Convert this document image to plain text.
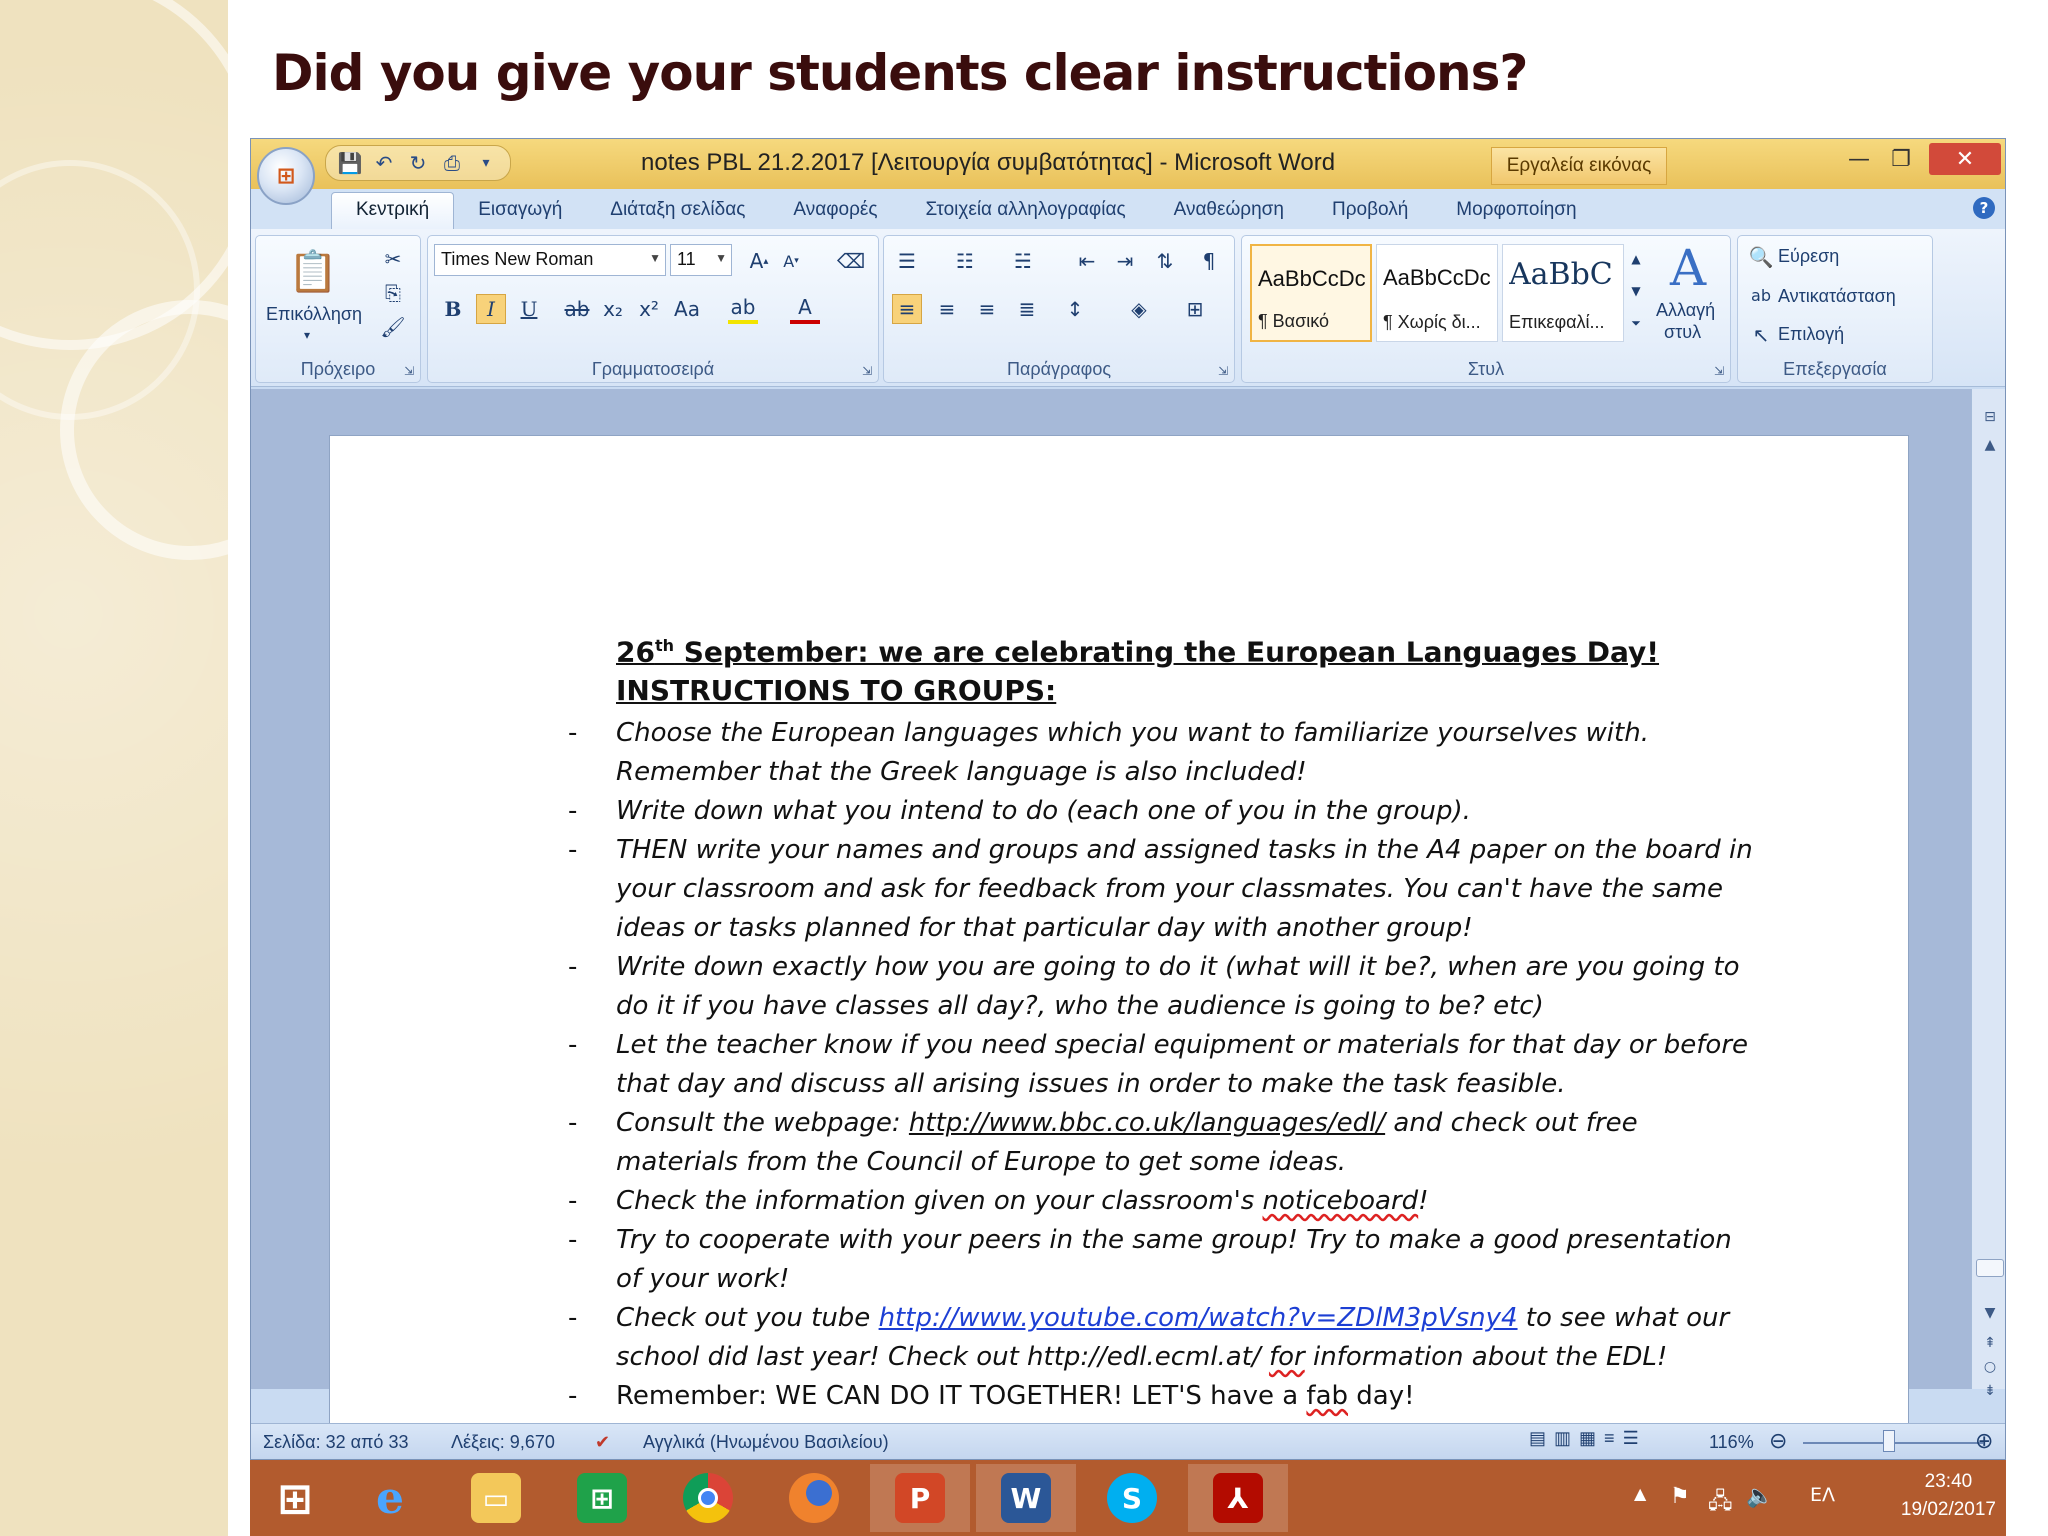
Did you give your students clear instructions?
💾 ↶ ↻ ⎙	▾	notes PBL 21.2.2017 [Λειτουργία συμβατότητας] - Microsoft Word	Εργαλεία εικόνας	— ❐	✕
⊞
Κεντρική	Εισαγωγή	Διάταξη σελίδας	Αναφορές	Στοιχεία αλληλογραφίας	Αναθεώρηση	Προβολή	Μορφοποίηση	?
📋
Επικόλληση
▾
✂
⎘
🖌
Πρόχειρο	⇲
Times New Roman	▼ 11 ▼ A ▴ A ▾ ⌫
B	I	U	ab x₂ x² Aa ab	A
Γραμματοσειρά	⇲
☰	☷	☵	⇤	⇥	⇅	¶
≡	≡	≡	≣	↕	◈	⊞
Παράγραφος	⇲
AaBbCcDc
¶ Βασικό
AaBbCcDc
¶ Χωρίς δι...
AaBbC
Επικεφαλί...
▲
▼
⏷
A
Αλλαγή
στυλ
Στυλ	⇲
🔍 Εύρεση
ab Αντικατάσταση
↖ Επιλογή
Επεξεργασία
26th September: we are celebrating the European Languages Day! INSTRUCTIONS TO GROUPS:
- Choose the European languages which you want to familiarize yourselves with. Remember that the Greek language is also included!
- Write down what you intend to do (each one of you in the group).
- THEN write your names and groups and assigned tasks in the A4 paper on the board in your classroom and ask for feedback from your classmates. You can't have the same ideas or tasks planned for that particular day with another group!
- Write down exactly how you are going to do it (what will it be?, when are you going to do it if you have classes all day?, who the audience is going to be? etc)
- Let the teacher know if you need special equipment or materials for that day or before that day and discuss all arising issues in order to make the task feasible.
- Consult the webpage: http://www.bbc.co.uk/languages/edl/ and check out free materials from the Council of Europe to get some ideas.
- Check the information given on your classroom's noticeboard!
- Try to cooperate with your peers in the same group! Try to make a good presentation of your work!
- Check out you tube http://www.youtube.com/watch?v=ZDlM3pVsny4 to see what our school did last year! Check out http://edl.ecml.at/ for information about the EDL!
- Remember: WE CAN DO IT TOGETHER! LET'S have a fab day!
⊟
▲
▼
⇞
○
⇟
Σελίδα: 32 από 33 Λέξεις: 9,670 ✔ Αγγλικά (Ηνωμένου Βασιλείου)	▤ ▥ ▦ ≡ ☰	116% ⊖	⊕
⊞ e	▭	⊞	P	W	S	⅄	▲ ⚑ 🖧 🔈 ΕΛ
23:40
19/02/2017
